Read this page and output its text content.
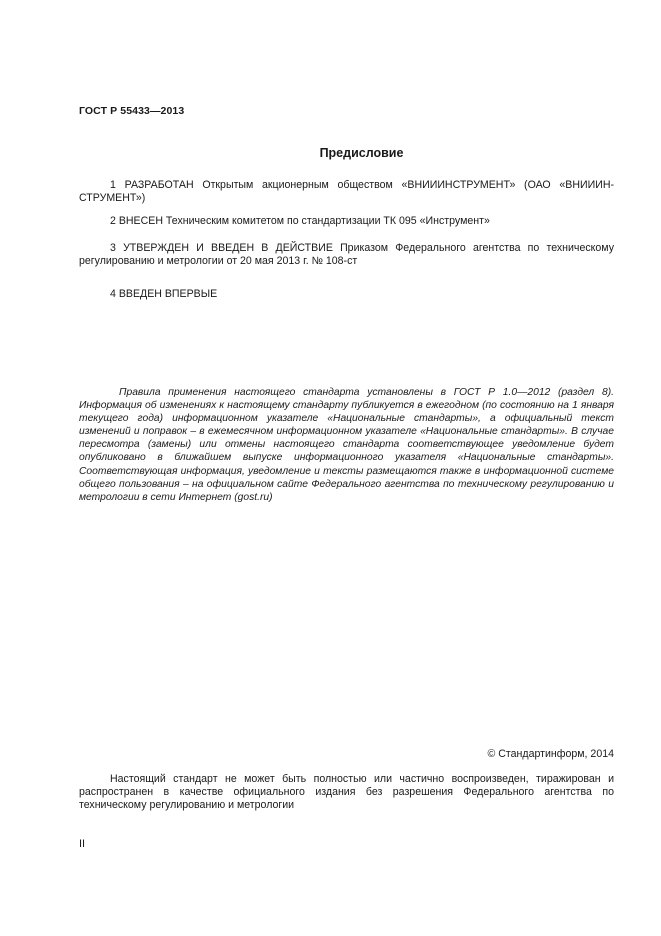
ГОСТ Р 55433—2013
Предисловие

1 РАЗРАБОТАН Открытым акционерным обществом «ВНИИИНСТРУМЕНТ» (ОАО «ВНИИИН-СТРУМЕНТ»)

2 ВНЕСЕН Техническим комитетом по стандартизации ТК 095 «Инструмент»

3 УТВЕРЖДЕН И ВВЕДЕН В ДЕЙСТВИЕ Приказом Федерального агентства по техническому регулированию и метрологии от 20 мая 2013 г. № 108-ст

4 ВВЕДЕН ВПЕРВЫЕ

Правила применения настоящего стандарта установлены в ГОСТ Р 1.0—2012 (раздел 8). Информация об изменениях к настоящему стандарту публикуется в ежегодном (по состоянию на 1 января текущего года) информационном указателе «Национальные стандарты», а официальный текст изменений и поправок – в ежемесячном информационном указателе «Национальные стандарты». В случае пересмотра (замены) или отмены настоящего стандарта соответствующее уведомление будет опубликовано в ближайшем выпуске информационного указателя «Национальные стандарты». Соответствующая информация, уведомление и тексты размещаются также в информационной системе общего пользования – на официальном сайте Федерального агентства по техническому регулированию и метрологии в сети Интернет (gost.ru)

© Стандартинформ, 2014

Настоящий стандарт не может быть полностью или частично воспроизведен, тиражирован и распространен в качестве официального издания без разрешения Федерального агентства по техническому регулированию и метрологии

II
